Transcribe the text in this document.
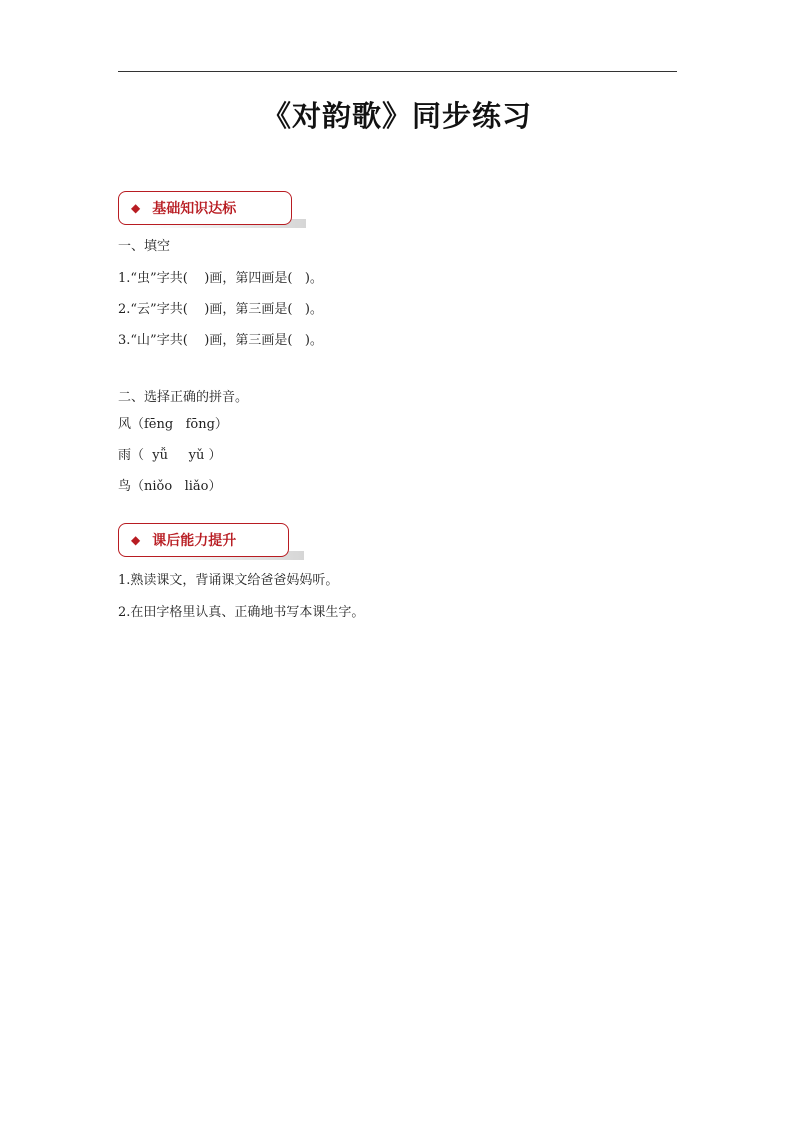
《对韵歌》同步练习
◆ 基础知识达标
一、填空
1.“虫”字共(    )画，第四画是(   )。
2.“云”字共(    )画，第三画是(   )。
3.“山”字共(    )画，第三画是(   )。
二、选择正确的拼音。
风（fēng   fōng）
雨（  yǚ     yǔ ）
鸟（niǒo   liǎo）
◆ 课后能力提升
1.熟读课文，背诵课文给爸爸妈妈听。
2.在田字格里认真、正确地书写本课生字。
